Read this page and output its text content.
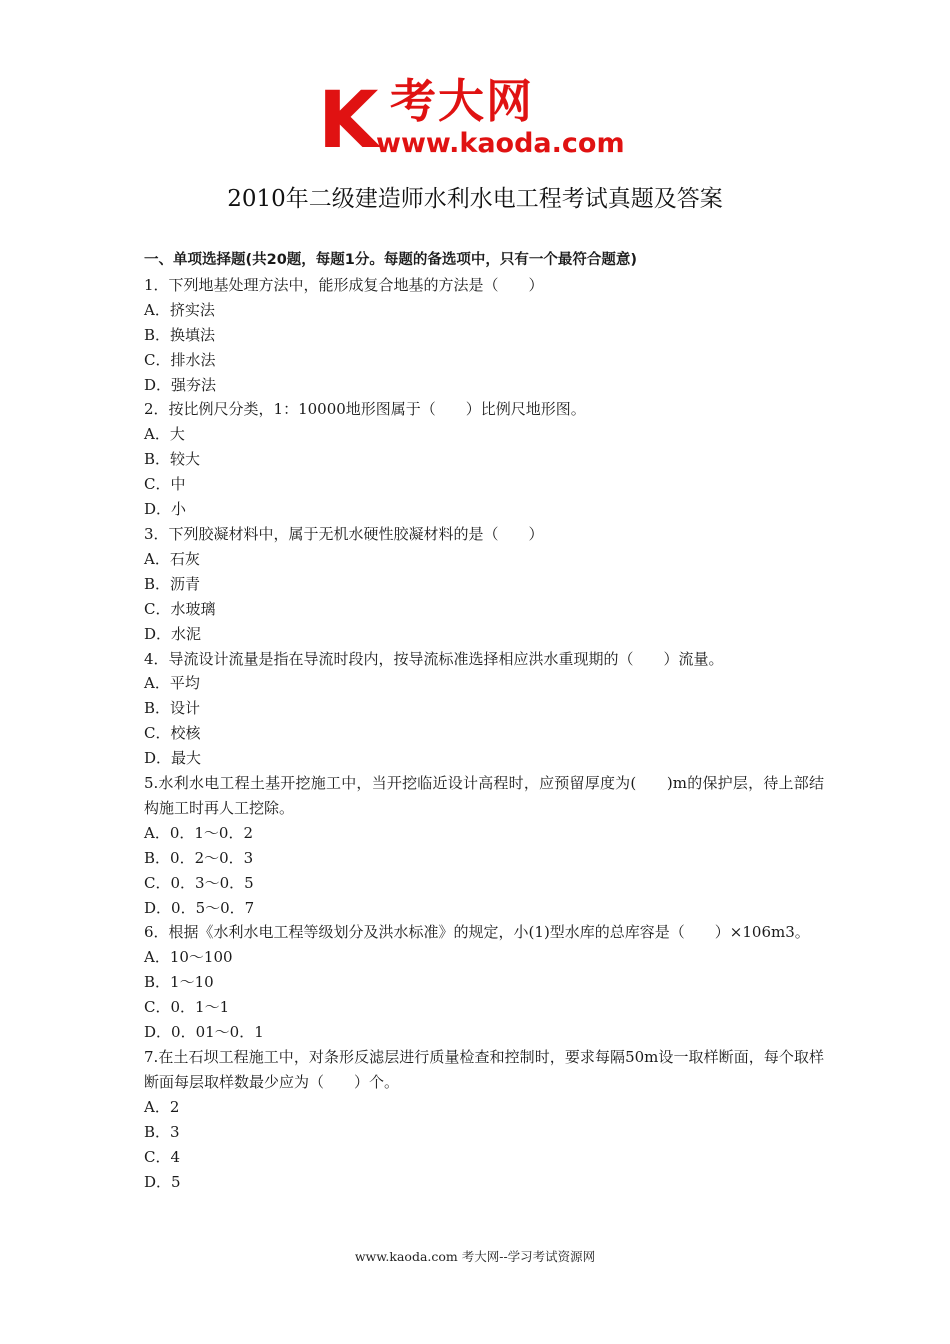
K 考大网
www.kaoda.com
2010年二级建造师水利水电工程考试真题及答案
一、单项选择题(共20题，每题1分。每题的备选项中，只有一个最符合题意)
1．下列地基处理方法中，能形成复合地基的方法是（　　）
A．挤实法
B．换填法
C．排水法
D．强夯法
2．按比例尺分类，1：10000地形图属于（　　）比例尺地形图。
A．大
B．较大
C．中
D．小
3．下列胶凝材料中，属于无机水硬性胶凝材料的是（　　）
A．石灰
B．沥青
C．水玻璃
D．水泥
4．导流设计流量是指在导流时段内，按导流标准选择相应洪水重现期的（　　）流量。
A．平均
B．设计
C．校核
D．最大
5.水利水电工程土基开挖施工中，当开挖临近设计高程时，应预留厚度为(　　)m的保护层，待上部结构施工时再人工挖除。
A．0．1～0．2
B．0．2～0．3
C．0．3～0．5
D．0．5～0．7
6．根据《水利水电工程等级划分及洪水标准》的规定，小(1)型水库的总库容是（　　）×106m3。
A．10～100
B．1～10
C．0．1～1
D．0．01～0．1
7.在土石坝工程施工中，对条形反滤层进行质量检查和控制时，要求每隔50m设一取样断面，每个取样断面每层取样数最少应为（　　）个。
A．2
B．3
C．4
D．5
www.kaoda.com 考大网--学习考试资源网
